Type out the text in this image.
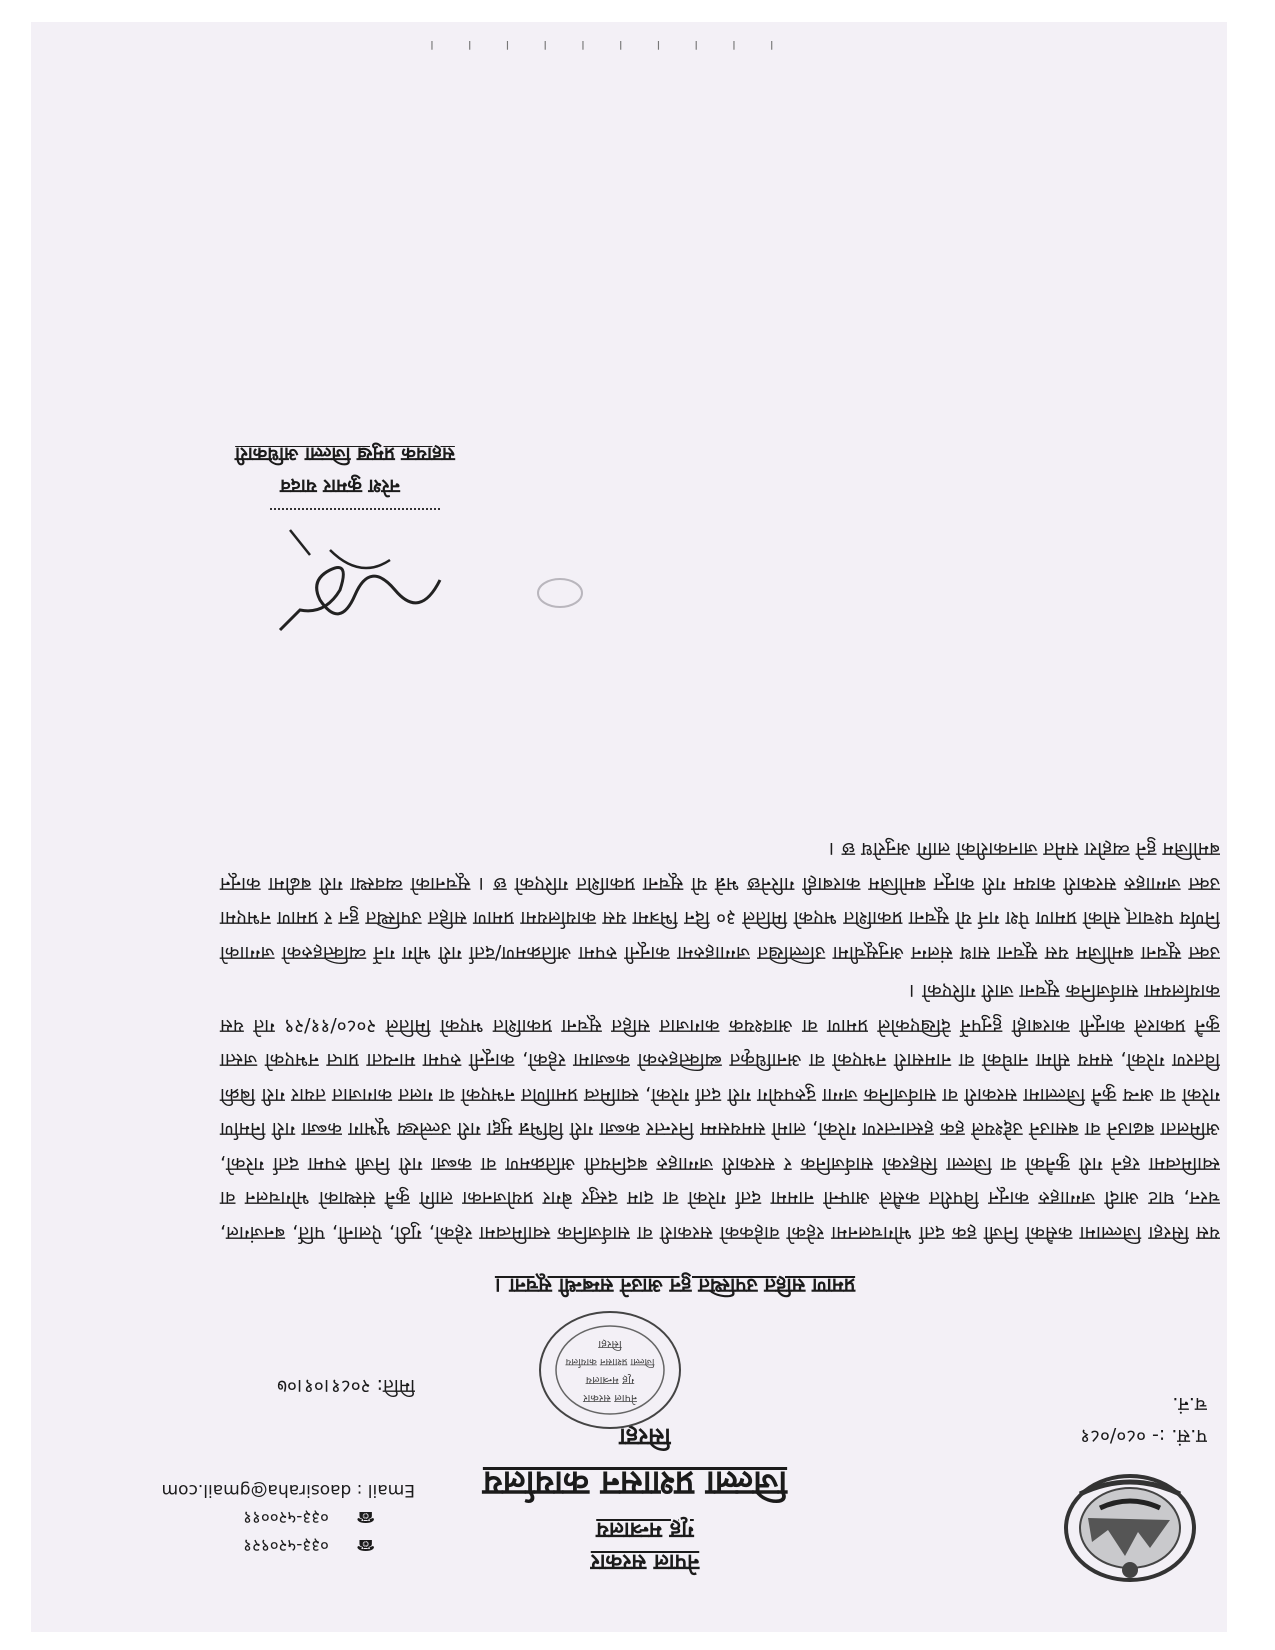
नेपाल सरकार
गृह मन्त्रालय
जिल्ला प्रशासन कार्यालय
सिरहा
☎ ०३३-५२०९२१
☎ ०३३-५२००११
Email : daosiraha@gmail.com
प.सं. :- ०८०/०८१
च.नं.
मिति: २०८१।०१।०७
नेपाल सरकार
गृह मन्त्रालय
जिल्ला प्रशासन कार्यालय
सिरहा
प्रमाण सहित उपस्थित हुन आउने सम्बन्धी सूचना ।

यस सिरहा जिल्लामा कसैको निजी हक दर्ता भोगचलनमा रहेको वाहेकको सरकारी वा सार्वजनिक स्वामित्वमा रहेको, गुठी, ऐलानी, पर्ति, बनजंगल, चरन, घाट आदी जग्गाहरु कानून विपरीत कसैले आफ्नो नाममा दर्ता गरेको वा दाम दस्तुर बेगर प्रयोजनका लागि कुनै संस्थाको भोगचलन वा स्वामित्वमा रहने गरी कुनैको वा जिल्ला सिहरको सार्वजनिक र सरकारी जग्गाहरु बदनियती अतिक्रमण वा कब्जा गरी निजी रुपमा दर्ता गरेको, अमिलता बढाउने वा बसाउने उद्देश्यले हक हस्तान्तरण गरेको, लामो समयसम्म निरन्तर कब्जा गरी विभिन्न मुद्दा गरी उल्लेख्य भूभाग कब्जा गरी निर्माण गरेको वा अन्य कुनै जिल्लामा सरकारी वा सार्वजनिक जग्गा दुरुपयोग गरी दर्ता गरेको, स्वामित्व प्रमाणित नभएको वा गलत कागजात तयार गरी बिक्री वितरण गरेको, समय सीमा नाघेको वा नामसारी नभएको वा अनाधिकृत ब्यक्तिहरुको कब्जामा रहेको, कानूनी रुपमा मान्यता प्राप्त नभएको जस्ता कुनै प्रकारले कानूनी कारबाही हुनुपर्ने देखिएकोले प्रमाण वा आवश्यक कागजात सहित सूचना प्रकाशित भएको मितिले २०८०/११/२९ गते यस कार्यालयमा सार्वजनिक सूचना जारी गरिएको ।

उक्त सूचना बमोजिम यस सूचना साथ संलग्न अनुसूचीमा उल्लिखित जग्गाहरुमा कानूनी रुपमा अतिक्रमण/दर्ता गरी भोग गर्ने व्यक्तिहरुको जग्गाको निर्णय पश्चात् सोको प्रमाण पेश गर्न यो सूचना प्रकाशित भएको मितिले ३० दिन भित्रमा यस कार्यालयमा प्रमाण सहित उपस्थित हुन र प्रमाण नभएमा उक्त जग्गाहरु सरकारी कायम गरी कानून बमोजिम कारबाही गरिनेछ भन्ने यो सूचना प्रकाशित गरिएको छ । सूचनाको व्यवस्था गरी बढीमा कानून बमोजिम हुने व्यहोरा समेत जानकारीको लागि अनुरोध छ ।

नरेश कुमार यादव
सहायक प्रमुख जिल्ला अधिकारी
। । । । । । । । । ।
